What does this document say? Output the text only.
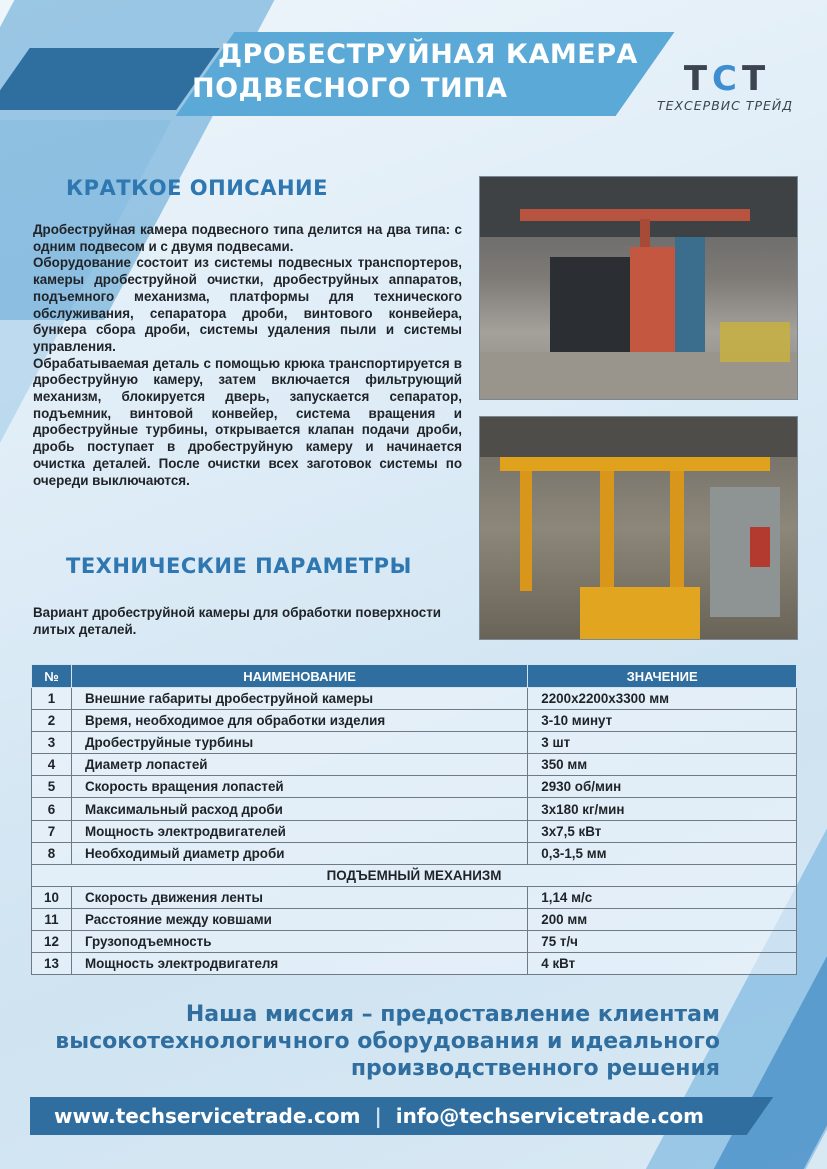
ДРОБЕСТРУЙНАЯ КАМЕРА
ПОДВЕСНОГО ТИПА	T C T
ТЕХСЕРВИС ТРЕЙД
КРАТКОЕ ОПИСАНИЕ

Дробеструйная камера подвесного типа делится на два типа: с одним подвесом и с двумя подвесами.

Оборудование состоит из системы подвесных транспортеров, камеры дробеструйной очистки, дробеструйных аппаратов, подъемного механизма, платформы для технического обслуживания, сепаратора дроби, винтового конвейера, бункера сбора дроби, системы удаления пыли и системы управления.

Обрабатываемая деталь с помощью крюка транспортируется в дробеструйную камеру, затем включается фильтрующий механизм, блокируется дверь, запускается сепаратор, подъемник, винтовой конвейер, система вращения и дробеструйные турбины, открывается клапан подачи дроби, дробь поступает в дробеструйную камеру и начинается очистка деталей. После очистки всех заготовок системы по очереди выключаются.

ТЕХНИЧЕСКИЕ ПАРАМЕТРЫ
Вариант дробеструйной камеры для обработки поверхности литых деталей.
№	НАИМЕНОВАНИЕ	ЗНАЧЕНИЕ
1	Внешние габариты дробеструйной камеры	2200x2200x3300 мм
2	Время, необходимое для обработки изделия	3-10 минут
3	Дробеструйные турбины	3 шт
4	Диаметр лопастей	350 мм
5	Скорость вращения лопастей	2930 об/мин
6	Максимальный расход дроби	3x180 кг/мин
7	Мощность электродвигателей	3x7,5 кВт
8	Необходимый диаметр дроби	0,3-1,5 мм
ПОДЪЕМНЫЙ МЕХАНИЗМ		
10	Скорость движения ленты	1,14 м/с
11	Расстояние между ковшами	200 мм
12	Грузоподъемность	75 т/ч
13	Мощность электродвигателя	4 кВт
Наша миссия – предоставление клиентам
высокотехнологичного оборудования и идеального
производственного решения
www.techservicetrade.com | info@techservicetrade.com
